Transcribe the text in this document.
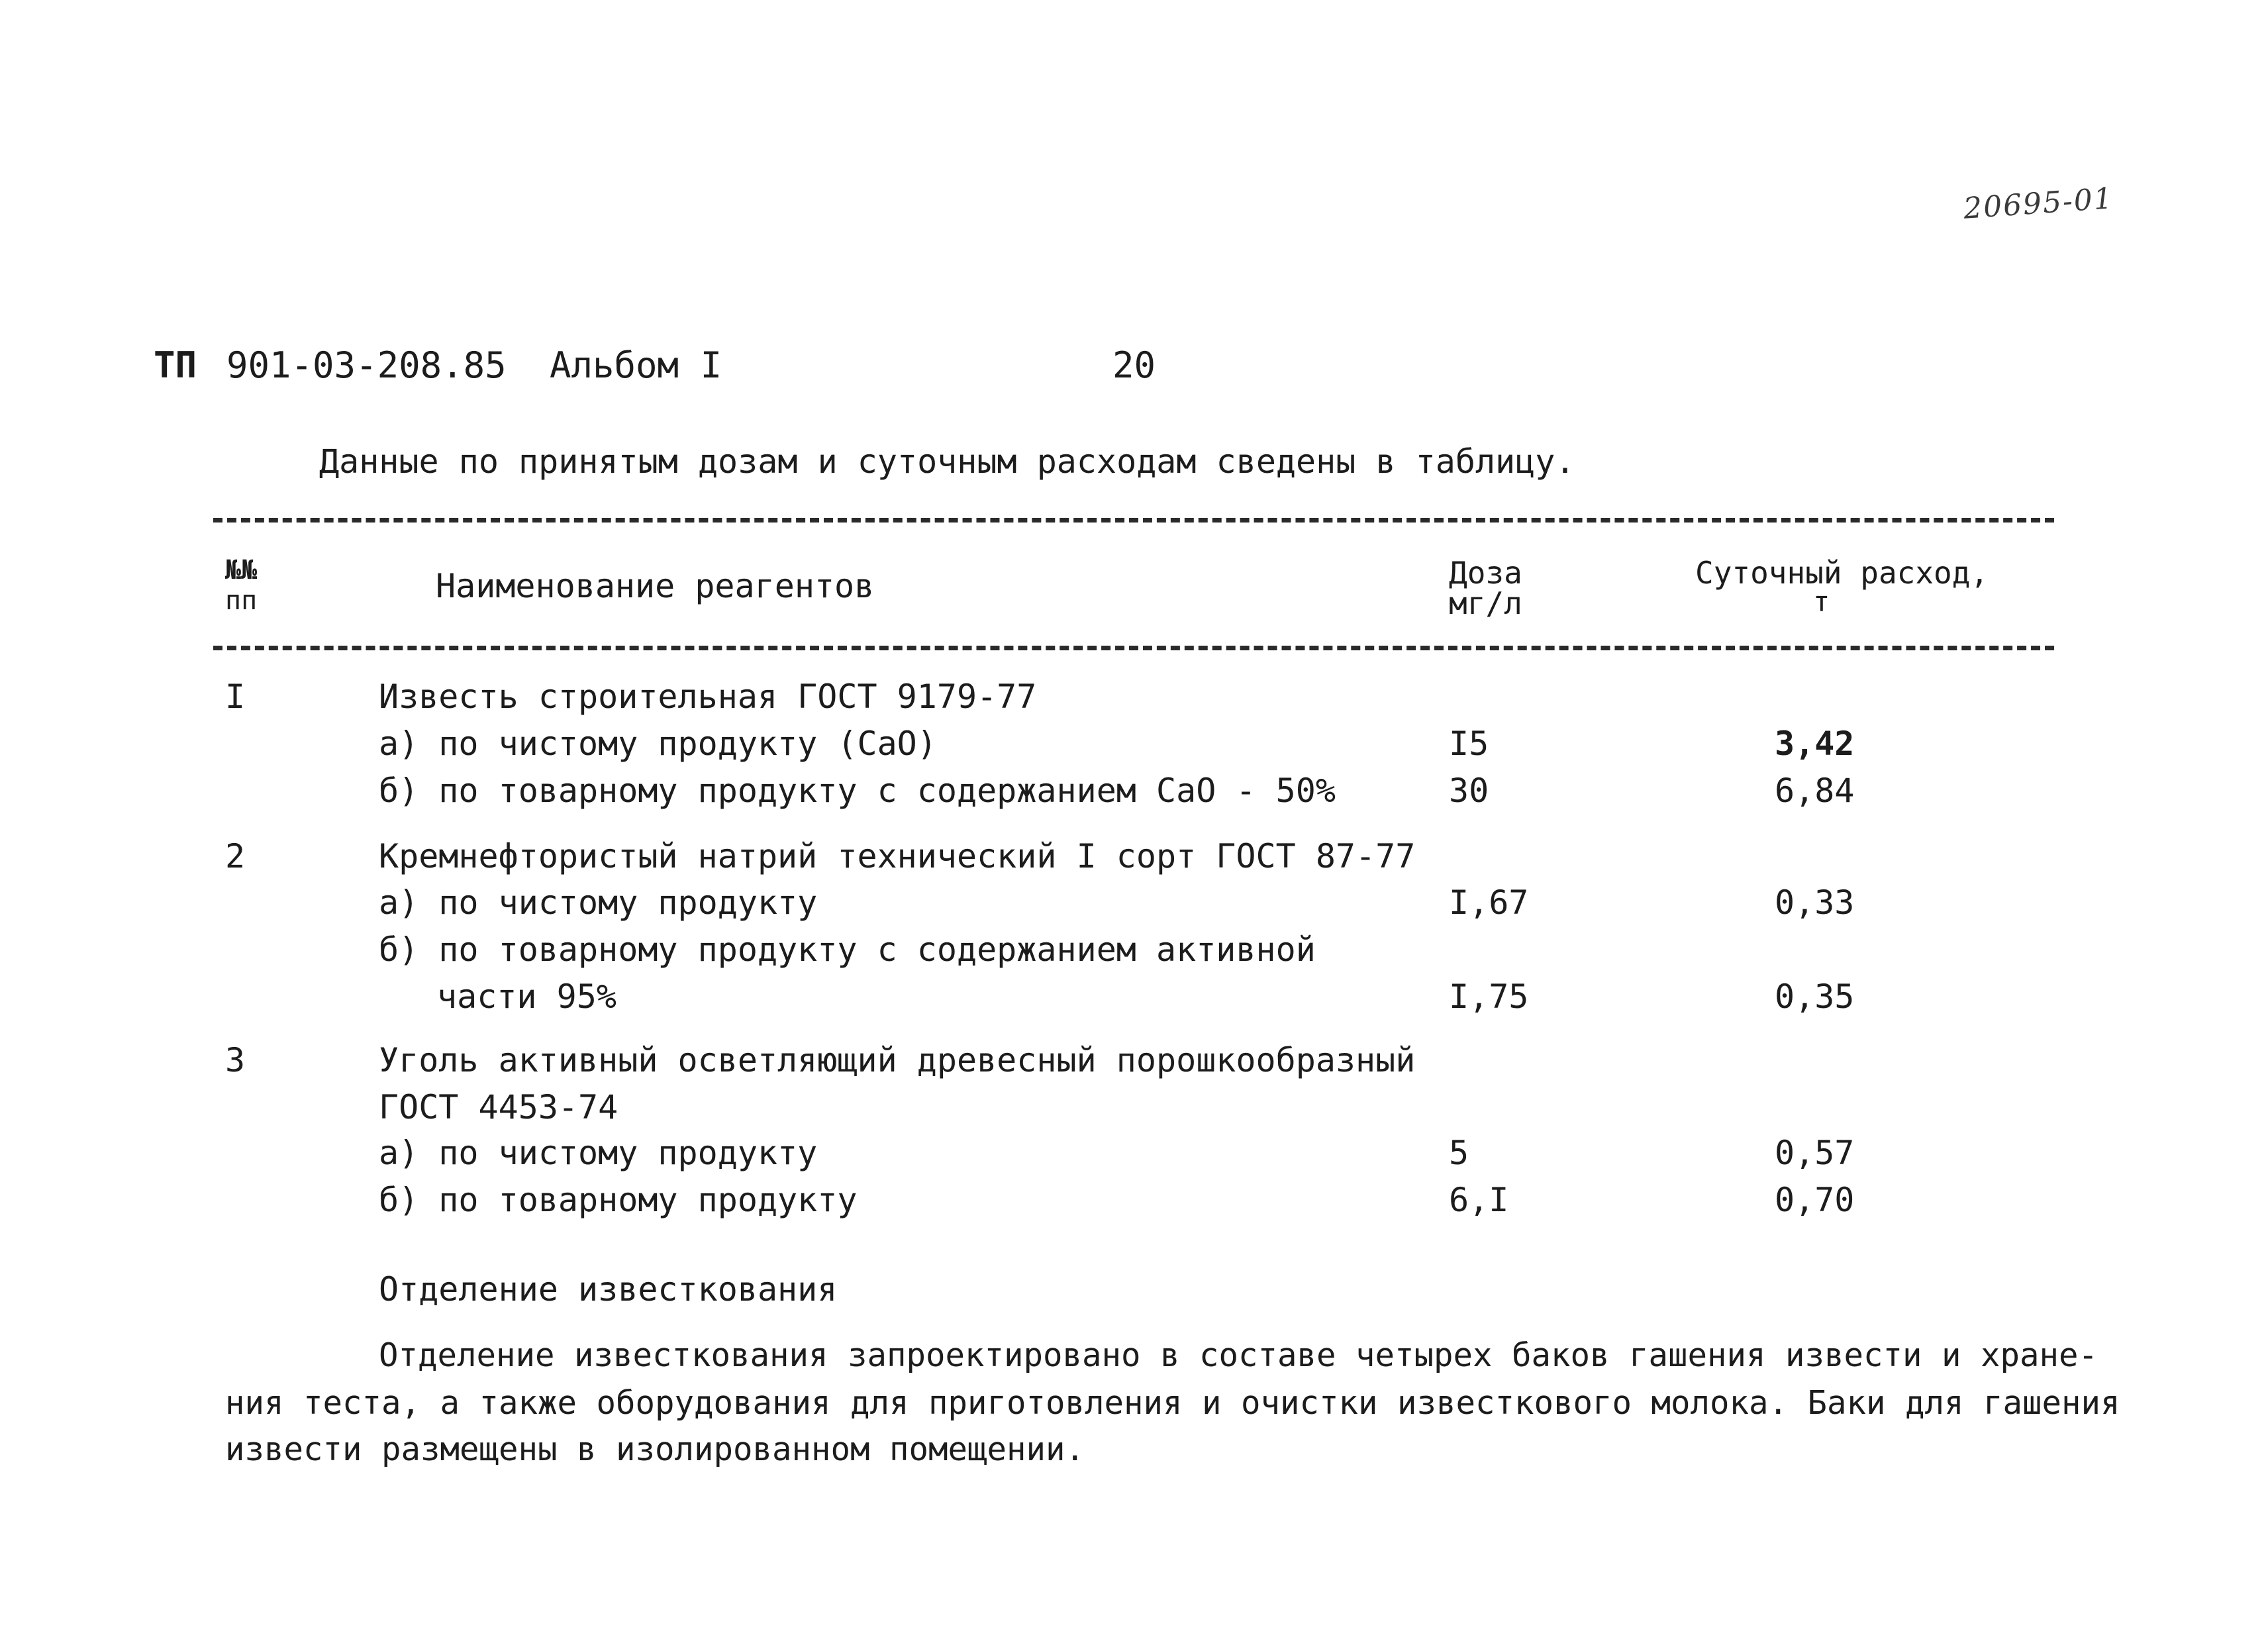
20695-01
ТП 901-03-208.85 Альбом I	20
Данные по принятым дозам и суточным расходам сведены в таблицу.
№№
пп	Наименование реагентов	Доза
мг/л
Суточный расход,
т
I	Известь строительная ГОСТ 9179-77
а) по чистому продукту (CaO)	I5	3,42
б) по товарному продукту с содержанием CaO - 50%	30	6,84
2	Кремнефтористый натрий технический I сорт ГОСТ 87-77
а) по чистому продукту	I,67	0,33
б) по товарному продукту с содержанием активной
части 95%	I,75	0,35
3	Уголь активный осветляющий древесный порошкообразный
ГОСТ 4453-74
а) по чистому продукту	5	0,57
б) по товарному продукту	6,I	0,70
Отделение известкования
Отделение известкования запроектировано в составе четырех баков гашения извести и хране-
ния теста, а также оборудования для приготовления и очистки известкового молока. Баки для гашения
извести размещены в изолированном помещении.
